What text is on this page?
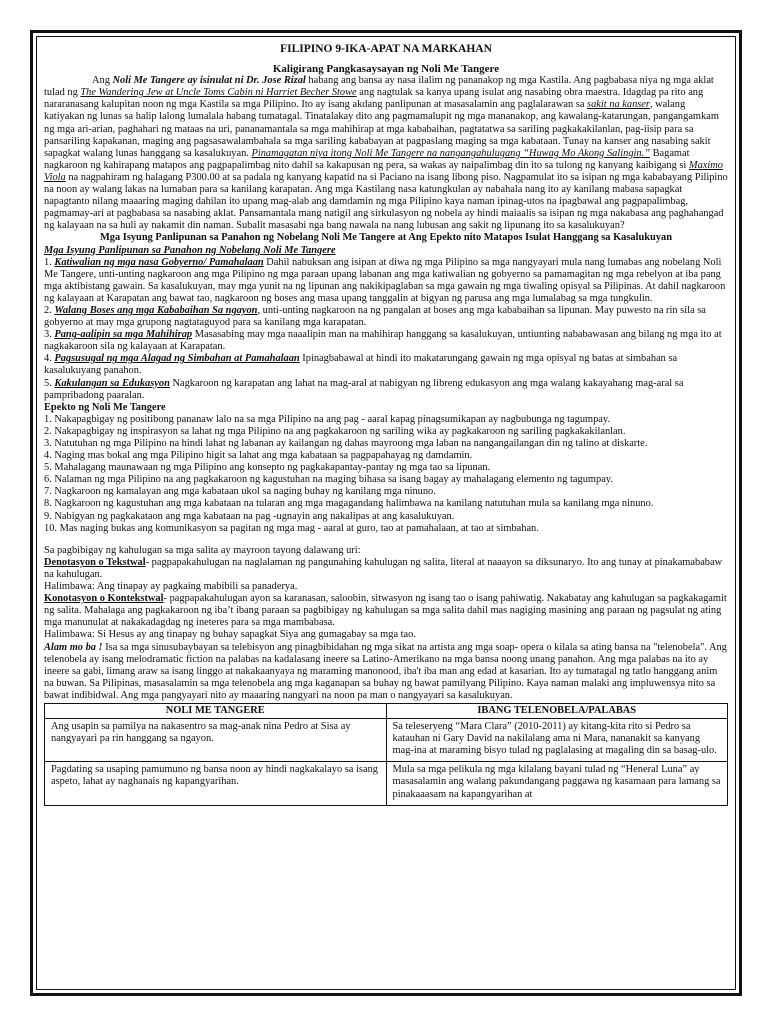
FILIPINO 9-IKA-APAT NA MARKAHAN

Kaligirang Pangkasaysayan ng Noli Me Tangere

Ang Noli Me Tangere ay isinulat ni Dr. Jose Rizal habang ang bansa ay nasa ilalim ng pananakop ng mga Kastila. Ang pagbabasa niya ng mga aklat tulad ng The Wandering Jew at Uncle Toms Cabin ni Harriet Becher Stowe ang nagtulak sa kanya upang isulat ang nasabing obra maestra. Idagdag pa rito ang nararanasang kalupitan noon ng mga Kastila sa mga Pilipino. Ito ay isang akdang panlipunan at masasalamin ang paglalarawan sa sakit na kanser, walang katiyakan ng lunas sa halip lalong lumalala habang tumatagal. Tinatalakay dito ang pagmamalupit ng mga mananakop, ang kawalang-katarungan, pangangamkam ng mga ari-arian, paghahari ng mataas na uri, pananamantala sa mga mahihirap at mga kababaihan, pagtatatwa sa sariling pagkakakilanlan, pag-iisip para sa pansariling kapakanan, maging ang pagsasawalambahala sa mga sariling kababayan at pagpaslang maging sa mga kabataan. Tunay na kanser ang nasabing sakit sapagkat walang lunas hanggang sa kasalukuyan. Pinamagatan niya itong Noli Me Tangere na nangangahulugang “Huwag Mo Akong Salingin.” Bagamat nagkaroon ng kahirapang matapos ang pagpapalimbag nito dahil sa kakapusan ng pera, sa wakas ay naipalimbag din ito sa tulong ng kanyang kaibigang si Maximo Viola na nagpahiram ng halagang P300.00 at sa padala ng kanyang kapatid na si Paciano na isang libong piso. Nagpamulat ito sa isipan ng mga kababayang Pilipino na noon ay walang lakas na lumaban para sa kanilang karapatan. Ang mga Kastilang nasa katungkulan ay nabahala nang ito ay kanilang mabasa sapagkat napagtanto nilang maaaring maging dahilan ito upang mag-alab ang damdamin ng mga Pilipino kaya naman ipinag-utos na ipagbawal ang pagpapalimbag, pagmamay-ari at pagbabasa sa nasabing aklat. Pansamantala mang natigil ang sirkulasyon ng nobela ay hindi maiaalis sa isipan ng mga nakabasa ang paghahangad ng kalayaan na sa huli ay nakamit din naman. Subalit masasabi nga bang nawala na nang lubusan ang sakit ng lipunang ito sa kasalukuyan?

Mga Isyung Panlipunan sa Panahon ng Nobelang Noli Me Tangere at Ang Epekto nito Matapos Isulat Hanggang sa Kasalukuyan

Mga Isyung Panlipunan sa Panahon ng Nobelang Noli Me Tangere

1. Katiwalian ng mga nasa Gobyerno/ Pamahalaan Dahil nabuksan ang isipan at diwa ng mga Pilipino sa mga nangyayari mula nang lumabas ang nobelang Noli Me Tangere, unti-unting nagkaroon ang mga Pilipino ng mga paraan upang labanan ang mga katiwalian ng gobyerno sa pamamagitan ng mga rebelyon at iba pang mga aktibistang gawain. Sa kasalukuyan, may mga yunit na ng lipunan ang nakikipaglaban sa mga gawain ng mga tiwaling opisyal sa Pilipinas. At dahil nagkaroon ng kalayaan at Karapatan ang bawat tao, nagkaroon ng boses ang masa upang tanggalin at bigyan ng parusa ang mga lumalabag sa mga tungkulin.

2. Walang Boses ang mga Kababaihan Sa ngayon, unti-unting nagkaroon na ng pangalan at boses ang mga kababaihan sa lipunan. May puwesto na rin sila sa gobyerno at may mga grupong nagtataguyod para sa kanilang mga karapatan.

3. Pang-aalipin sa mga Mahihirap Masasabing may mga naaalipin man na mahihirap hanggang sa kasalukuyan, untiunting nababawasan ang bilang ng mga ito at nagkakaroon sila ng kalayaan at Karapatan.

4. Pagsusugal ng mga Alagad ng Simbahan at Pamahalaan Ipinagbabawal at hindi ito makatarungang gawain ng mga opisyal ng batas at simbahan sa kasalukuyang panahon.

5. Kakulangan sa Edukasyon Nagkaroon ng karapatan ang lahat na mag-aral at nabigyan ng libreng edukasyon ang mga walang kakayahang mag-aral sa pampribadong paaralan.

Epekto ng Noli Me Tangere

1. Nakapagbigay ng positibong pananaw lalo na sa mga Pilipino na ang pag - aaral kapag pinagsumikapan ay nagbubunga ng tagumpay.

2. Nakapagbigay ng inspirasyon sa lahat ng mga Pilipino na ang pagkakaroon ng sariling wika ay pagkakaroon ng sariling pagkakakilanlan.

3. Natutuhan ng mga Pilipino na hindi lahat ng labanan ay kailangan ng dahas mayroong mga laban na nangangailangan din ng talino at diskarte.

4. Naging mas bokal ang mga Pilipino higit sa lahat ang mga kabataan sa pagpapahayag ng damdamin.

5. Mahalagang maunawaan ng mga Pilipino ang konsepto ng pagkakapantay-pantay ng mga tao sa lipunan.

6. Nalaman ng mga Pilipino na ang pagkakaroon ng kagustuhan na maging bihasa sa isang bagay ay mahalagang elemento ng tagumpay.

7. Nagkaroon ng kamalayan ang mga kabataan ukol sa naging buhay ng kanilang mga ninuno.

8. Nagkaroon ng kagustuhan ang mga kabataan na tularan ang mga magagandang halimbawa na kanilang natutuhan mula sa kanilang mga ninuno.

9. Nabigyan ng pagkakataon ang mga kabataan na pag -ugnayin ang nakalipas at ang kasalukuyan.

10. Mas naging bukas ang komunikasyon sa pagitan ng mga mag - aaral at guro, tao at pamahalaan, at tao at simbahan.

Sa pagbibigay ng kahulugan sa mga salita ay mayroon tayong dalawang uri:

Denotasyon o Tekstwal- pagpapakahulugan na naglalaman ng pangunahing kahulugan ng salita, literal at naaayon sa diksunaryo. Ito ang tunay at pinakamababaw na kahulugan.

Halimbawa: Ang tinapay ay pagkaing mabibili sa panaderya.

Konotasyon o Kontekstwal- pagpapakahulugan ayon sa karanasan, saloobin, sitwasyon ng isang tao o isang pahiwatig. Nakabatay ang kahulugan sa pagkakagamit ng salita. Mahalaga ang pagkakaroon ng iba’t ibang paraan sa pagbibigay ng kahulugan sa mga salita dahil mas nagiging masining ang paraan ng pagsulat ng ating mga manunulat at nakakadagdag ng ineteres para sa mga mambabasa.

Halimbawa: Si Hesus ay ang tinapay ng buhay sapagkat Siya ang gumagabay sa mga tao.

Alam mo ba ! Isa sa mga sinusubaybayan sa telebisyon ang pinagbibidahan ng mga sikat na artista ang mga soap- opera o kilala sa ating bansa na "telenobela". Ang telenobela ay isang melodramatic fiction na palabas na kadalasang ineere sa Latino-Amerikano na mga bansa noong unang panahon. Ang mga palabas na ito ay ineere sa gabi, limang araw sa isang linggo at nakakaanyaya ng maraming manonood, iba't iba man ang edad at kasarian. Ito ay tumatagal ng tatlo hanggang anim na buwan. Sa Pilipinas, masasalamin sa mga telenobela ang mga kaganapan sa buhay ng bawat pamilyang Pilipino. Kaya naman malaki ang impluwensya nito sa bawat indibidwal. Ang mga pangyayari nito ay maaaring nangyari na noon pa man o nangyayari sa kasalukuyan.

NOLI ME TANGERE	IBANG TELENOBELA/PALABAS
Ang usapin sa pamilya na nakasentro sa mag-anak nina Pedro at Sisa ay nangyayari pa rin hanggang sa ngayon.	Sa teleseryeng “Mara Clara” (2010-2011) ay kitang-kita rito si Pedro sa katauhan ni Gary David na nakilalang ama ni Mara, nananakit sa kanyang mag-ina at maraming bisyo tulad ng paglalasing at magaling din sa basag-ulo.
Pagdating sa usaping pamumuno ng bansa noon ay hindi nagkakalayo sa isang aspeto, lahat ay naghanais ng kapangyarihan.	Mula sa mga pelikula ng mga kilalang bayani tulad ng “Heneral Luna” ay masasalamin ang walang pakundangang paggawa ng kasamaan para lamang sa pinakaaasam na kapangyarihan at
